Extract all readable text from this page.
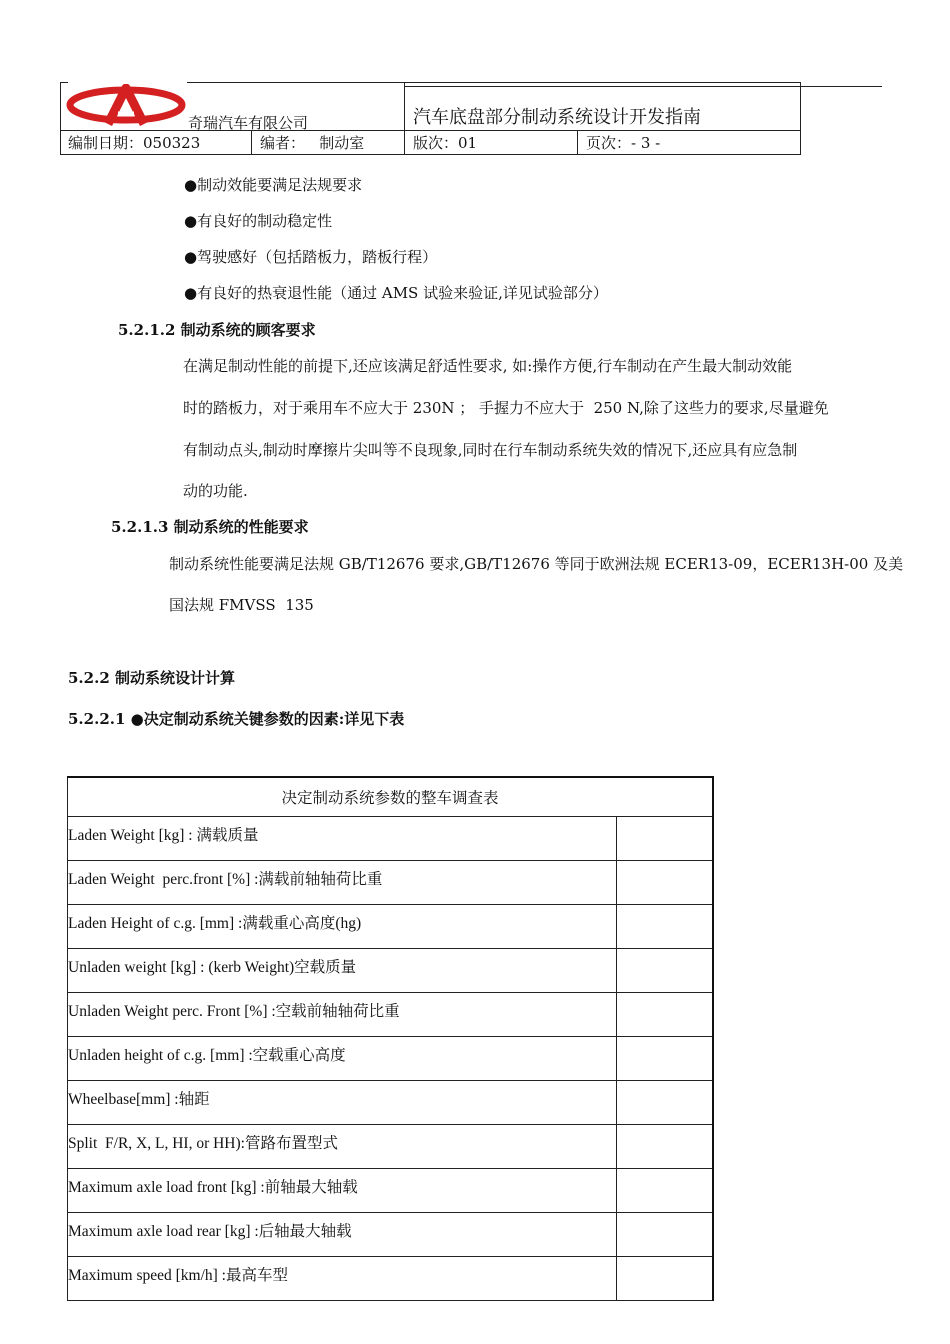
奇瑞汽车有限公司	汽车底盘部分制动系统设计开发指南
编制日期：050323	编者：   制动室	版次：01	页次：- 3 -
●制动效能要满足法规要求
●有良好的制动稳定性
●驾驶感好（包括踏板力，踏板行程）
●有良好的热衰退性能（通过 AMS 试验来验证,详见试验部分）
5.2.1.2 制动系统的顾客要求
在满足制动性能的前提下,还应该满足舒适性要求, 如:操作方便,行车制动在产生最大制动效能
时的踏板力，对于乘用车不应大于 230N ； 手握力不应大于  250 N,除了这些力的要求,尽量避免
有制动点头,制动时摩擦片尖叫等不良现象,同时在行车制动系统失效的情况下,还应具有应急制
动的功能.
5.2.1.3 制动系统的性能要求
制动系统性能要满足法规 GB/T12676 要求,GB/T12676 等同于欧洲法规 ECER13-09，ECER13H-00 及美
国法规 FMVSS  135
5.2.2 制动系统设计计算
5.2.2.1 ●决定制动系统关键参数的因素:详见下表
决定制动系统参数的整车调查表	
Laden Weight [kg] : 满载质量	
Laden Weight  perc.front [%] :满载前轴轴荷比重	
Laden Height of c.g. [mm] :满载重心高度(hg)	
Unladen weight [kg] : (kerb Weight)空载质量	
Unladen Weight perc. Front [%] :空载前轴轴荷比重	
Unladen height of c.g. [mm] :空载重心高度	
Wheelbase[mm] :轴距	
Split  F/R, X, L, HI, or HH):管路布置型式	
Maximum axle load front [kg] :前轴最大轴载	
Maximum axle load rear [kg] :后轴最大轴载	
Maximum speed [km/h] :最高车型	
